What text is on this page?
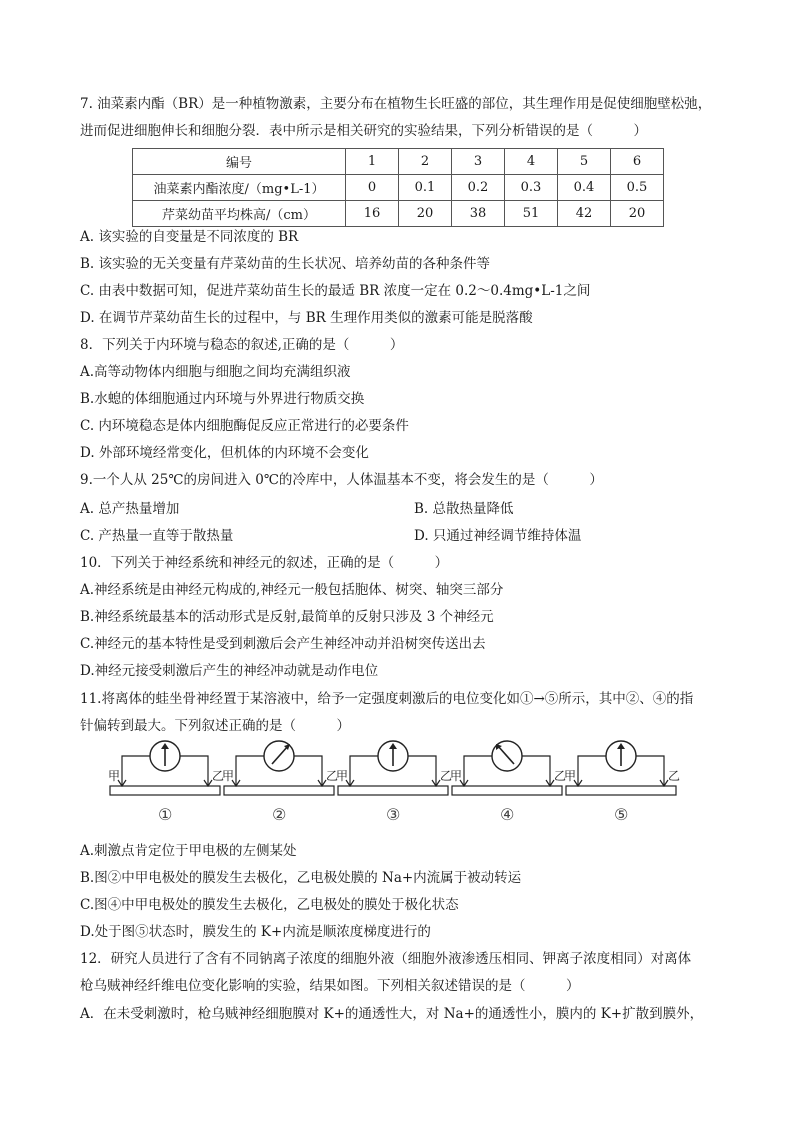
7. 油菜素内酯（BR）是一种植物激素，主要分布在植物生长旺盛的部位，其生理作用是促使细胞壁松弛，
进而促进细胞伸长和细胞分裂．表中所示是相关研究的实验结果，下列分析错误的是（　　　）
编号	1	2	3	4	5	6
油菜素内酯浓度/（mg•L-1）	0	0.1	0.2	0.3	0.4	0.5
芹菜幼苗平均株高/（cm）	16	20	38	51	42	20
A. 该实验的自变量是不同浓度的 BR
B. 该实验的无关变量有芹菜幼苗的生长状况、培养幼苗的各种条件等
C. 由表中数据可知，促进芹菜幼苗生长的最适 BR 浓度一定在 0.2～0.4mg•L-1之间
D. 在调节芹菜幼苗生长的过程中，与 BR 生理作用类似的激素可能是脱落酸
8．下列关于内环境与稳态的叙述,正确的是（　　　）
A.高等动物体内细胞与细胞之间均充满组织液
B.水螅的体细胞通过内环境与外界进行物质交换
C. 内环境稳态是体内细胞酶促反应正常进行的必要条件
D. 外部环境经常变化，但机体的内环境不会变化
9.一个人从 25℃的房间进入 0℃的冷库中，人体温基本不变，将会发生的是（　　　）
A. 总产热量增加	B. 总散热量降低
C. 产热量一直等于散热量	D. 只通过神经调节维持体温
10．下列关于神经系统和神经元的叙述，正确的是（　　　）
A.神经系统是由神经元构成的,神经元一般包括胞体、树突、轴突三部分
B.神经系统最基本的活动形式是反射,最简单的反射只涉及 3 个神经元
C.神经元的基本特性是受到刺激后会产生神经冲动并沿树突传送出去
D.神经元接受刺激后产生的神经冲动就是动作电位
11.将离体的蛙坐骨神经置于某溶液中，给予一定强度刺激后的电位变化如①→⑤所示，其中②、④的指
针偏转到最大。下列叙述正确的是（　　　）
甲	乙
①
甲	乙
②
甲	乙
③
甲	乙
④
甲	乙
⑤
A.刺激点肯定位于甲电极的左侧某处
B.图②中甲电极处的膜发生去极化，乙电极处膜的 Na+内流属于被动转运
C.图④中甲电极处的膜发生去极化，乙电极处的膜处于极化状态
D.处于图⑤状态时，膜发生的 K+内流是顺浓度梯度进行的
12．研究人员进行了含有不同钠离子浓度的细胞外液（细胞外液渗透压相同、钾离子浓度相同）对离体
枪乌贼神经纤维电位变化影响的实验，结果如图。下列相关叙述错误的是（　　　）
A．在未受刺激时，枪乌贼神经细胞膜对 K+的通透性大，对 Na+的通透性小，膜内的 K+扩散到膜外，
